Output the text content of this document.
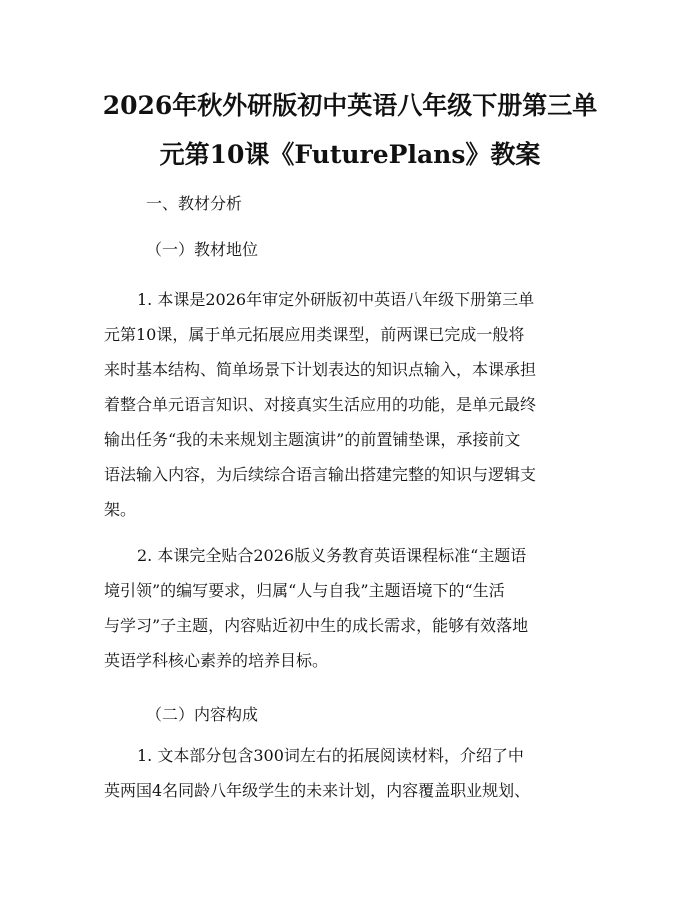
2026年秋外研版初中英语八年级下册第三单
元第10课《FuturePlans》教案
一、教材分析
（一）教材地位
1. 本课是2026年审定外研版初中英语八年级下册第三单
元第10课，属于单元拓展应用类课型，前两课已完成一般将
来时基本结构、简单场景下计划表达的知识点输入，本课承担
着整合单元语言知识、对接真实生活应用的功能，是单元最终
输出任务“我的未来规划主题演讲”的前置铺垫课，承接前文
语法输入内容，为后续综合语言输出搭建完整的知识与逻辑支
架。
2. 本课完全贴合2026版义务教育英语课程标准“主题语
境引领”的编写要求，归属“人与自我”主题语境下的“生活
与学习”子主题，内容贴近初中生的成长需求，能够有效落地
英语学科核心素养的培养目标。
（二）内容构成
1. 文本部分包含300词左右的拓展阅读材料，介绍了中
英两国4名同龄八年级学生的未来计划，内容覆盖职业规划、
